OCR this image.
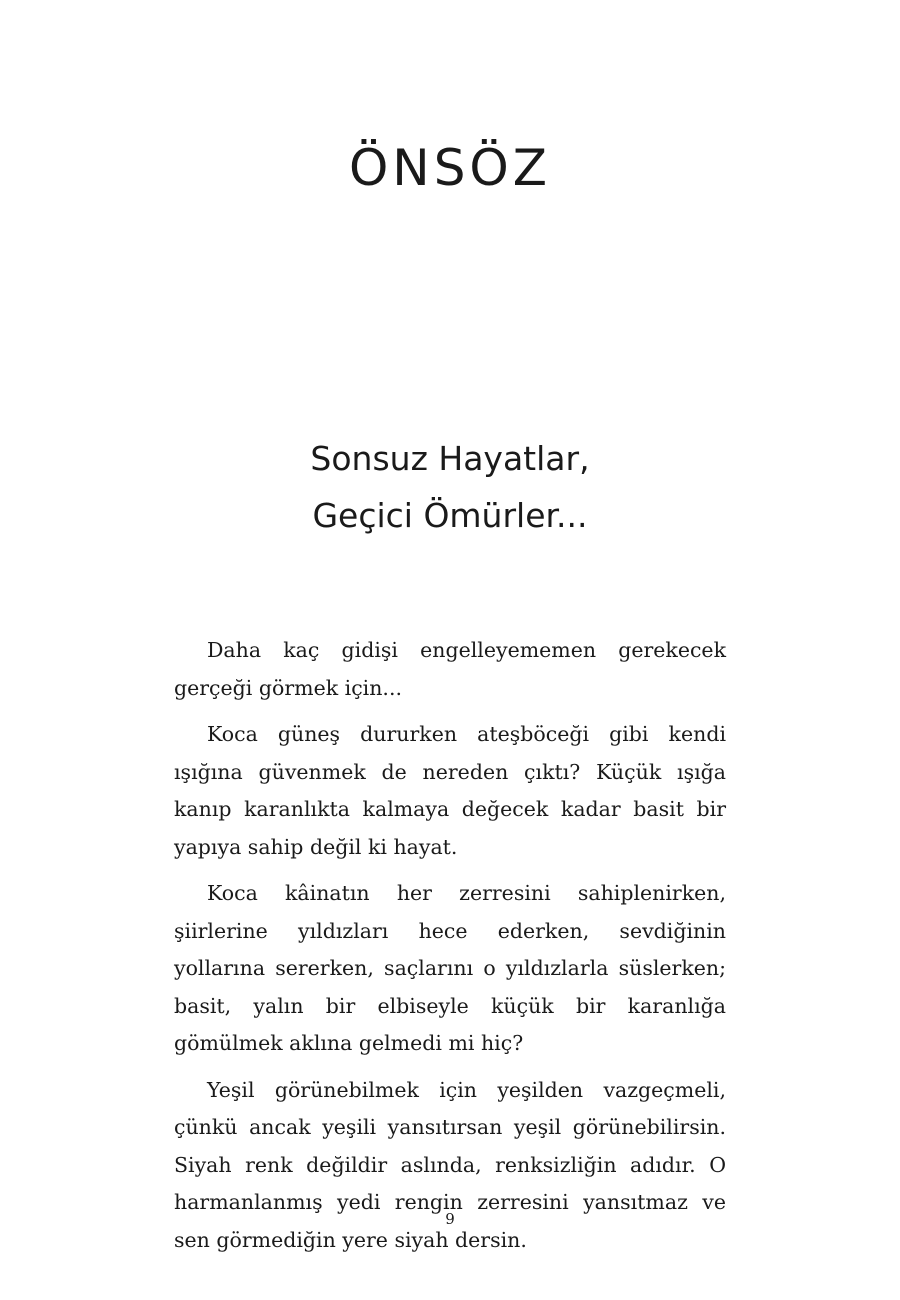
ÖNSÖZ
Sonsuz Hayatlar,
Geçici Ömürler...

Daha kaç gidişi engelleyememen gerekecek gerçeği görmek için...

Koca güneş dururken ateşböceği gibi kendi ışığına güvenmek de nereden çıktı? Küçük ışığa kanıp karanlıkta kalmaya değecek kadar basit bir yapıya sahip değil ki hayat.

Koca kâinatın her zerresini sahiplenirken, şiirlerine yıldızları hece ederken, sevdiğinin yollarına sererken, saçlarını o yıldızlarla süslerken; basit, yalın bir elbiseyle küçük bir karanlığa gömülmek aklına gelmedi mi hiç?

Yeşil görünebilmek için yeşilden vazgeçmeli, çünkü ancak yeşili yansıtırsan yeşil görünebilirsin. Siyah renk değildir aslında, renksizliğin adıdır. O harmanlanmış yedi rengin zerresini yansıtmaz ve sen görmediğin yere siyah dersin.

9
